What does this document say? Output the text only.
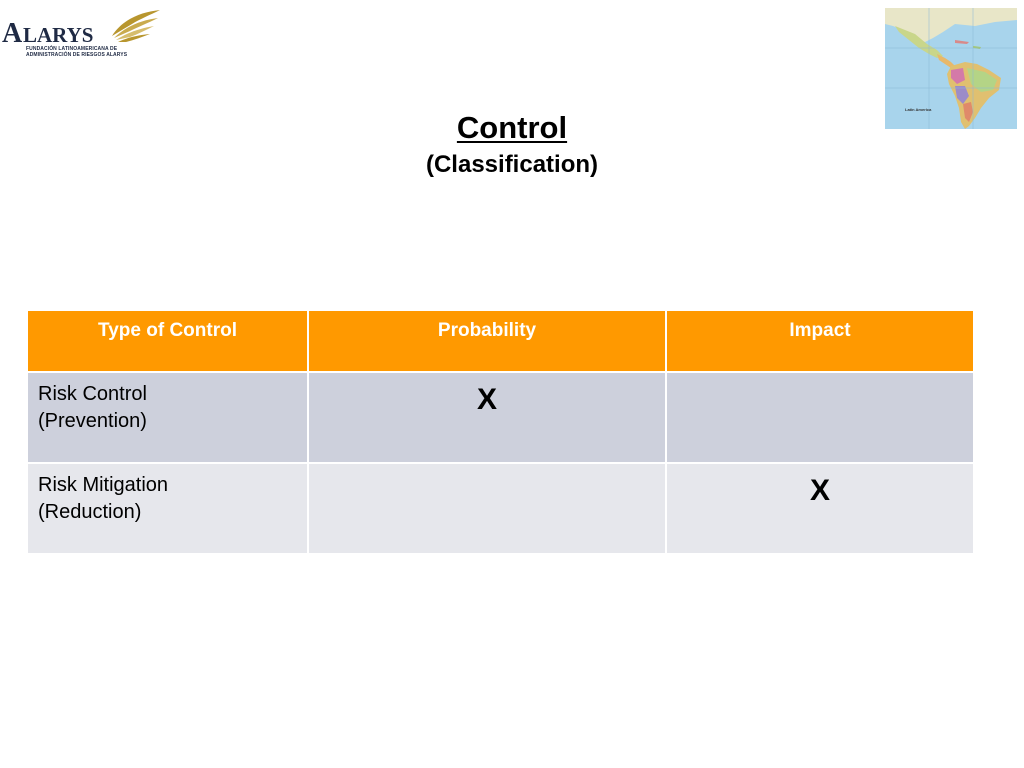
A LARYS
FUNDACIÓN LATINOAMERICANA DE
ADMINISTRACIÓN DE RIESGOS ALARYS
Latin America
Control
(Classification)
Type of Control	Probability	Impact

Risk Control
(Prevention)	X	

Risk Mitigation
(Reduction)		X
